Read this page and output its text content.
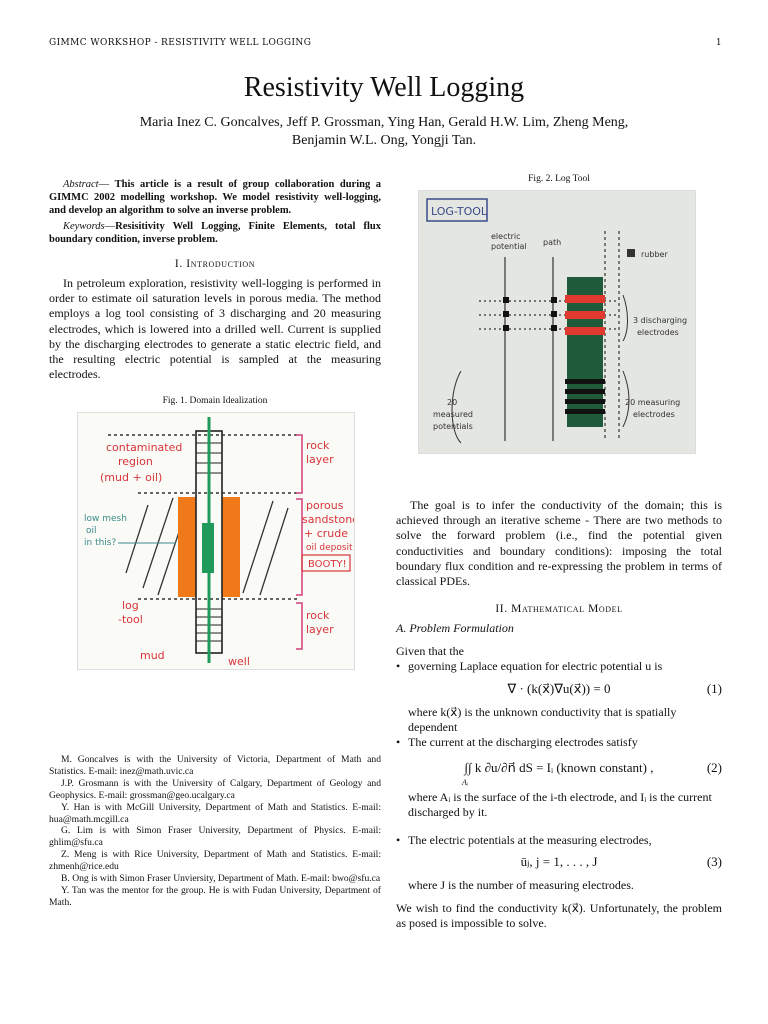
GIMMC WORKSHOP - RESISTIVITY WELL LOGGING	1
Resistivity Well Logging
Maria Inez C. Goncalves, Jeff P. Grossman, Ying Han, Gerald H.W. Lim, Zheng Meng,
Benjamin W.L. Ong, Yongji Tan.

Abstract— This article is a result of group collaboration during a GIMMC 2002 modelling workshop. We model resistivity well-logging, and develop an algorithm to solve an inverse problem.

Keywords—Resisitivity Well Logging, Finite Elements, total flux boundary condition, inverse problem.

I. Introduction

In petroleum exploration, resistivity well-logging is performed in order to estimate oil saturation levels in porous media. The method employs a log tool consisting of 3 discharging and 20 measuring electrodes, which is lowered into a drilled well. Current is supplied by the discharging electrodes to generate a static electric field, and the resulting electric potential is sampled at the measuring electrodes.

Fig. 1. Domain Idealization
contaminated
region
(mud + oil)
rock
layer
porous
sandstone
+ crude
oil deposit
log
-tool	rock
layer
mud	well
BOOTY!
low mesh
oil
in this?

M. Goncalves is with the University of Victoria, Department of Math and Statistics. E-mail: inez@math.uvic.ca

J.P. Grosmann is with the University of Calgary, Department of Geology and Geophysics. E-mail: grossman@geo.ucalgary.ca

Y. Han is with McGill University, Department of Math and Statistics. E-mail: hua@math.mcgill.ca

G. Lim is with Simon Fraser University, Department of Physics. E-mail: ghlim@sfu.ca

Z. Meng is with Rice University, Department of Math and Statistics. E-mail: zhmenh@rice.edu

B. Ong is with Simon Fraser Unviersity, Department of Math. E-mail: bwo@sfu.ca

Y. Tan was the mentor for the group. He is with Fudan University, Department of Math.

Fig. 2. Log Tool
LOG-TOOL
electric
potential path
rubber
3 discharging
electrodes
20
measured
potentials
20 measuring
electrodes

The goal is to infer the conductivity of the domain; this is achieved through an iterative scheme - There are two methods to solve the forward problem (i.e., find the potential given conductivities and boundary conditions): imposing the total boundary flux condition and re-expressing the problem in terms of classical PDEs.

II. Mathematical Model
A. Problem Formulation

Given that the

• governing Laplace equation for electric potential u is
∇ · (k(x⃗)∇u(x⃗)) = 0	(1)
where k(x⃗) is the unknown conductivity that is spatially dependent
• The current at the discharging electrodes satisfy
∫∫ k ∂u/∂n⃗ dS = Iᵢ (known constant) ,
Aᵢ
(2)
where Aᵢ is the surface of the i-th electrode, and Iᵢ is the current discharged by it.
• The electric potentials at the measuring electrodes,
ūⱼ, j = 1, . . . , J	(3)
where J is the number of measuring electrodes.

We wish to find the conductivity k(x⃗). Unfortunately, the problem as posed is impossible to solve.
